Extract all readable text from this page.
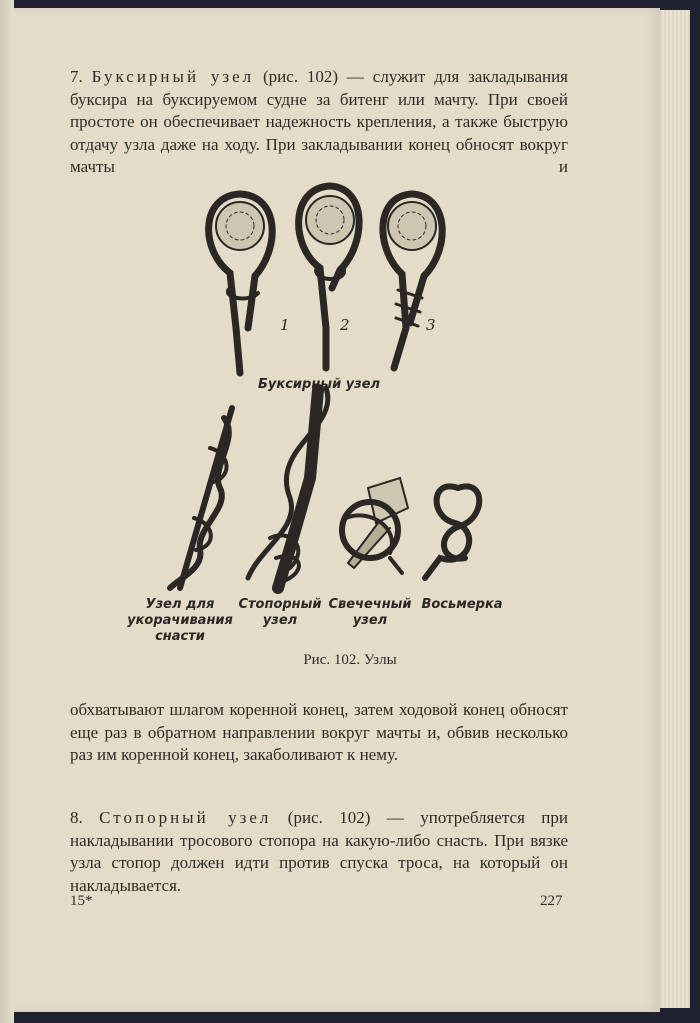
7. Буксирный узел (рис. 102) — служит для закладывания буксира на буксируемом судне за битенг или мачту. При своей простоте он обеспечивает надежность крепления, а также быструю отдачу узла даже на ходу. При закладывании конец обносят вокруг мачты и

1	2	3
Буксирный узел
Узел для
укорачивания
снасти
Стопорный
узел
Свечечный
узел
Восьмерка
Рис. 102. Узлы

обхватывают шлагом коренной конец, затем ходовой конец обносят еще раз в обратном направлении вокруг мачты и, обвив несколько раз им коренной конец, закаболивают к нему.

8. Стопорный узел (рис. 102) — употребляется при накладывании тросового стопора на какую-либо снасть. При вязке узла стопор должен идти против спуска троса, на который он накладывается.

15*	227
